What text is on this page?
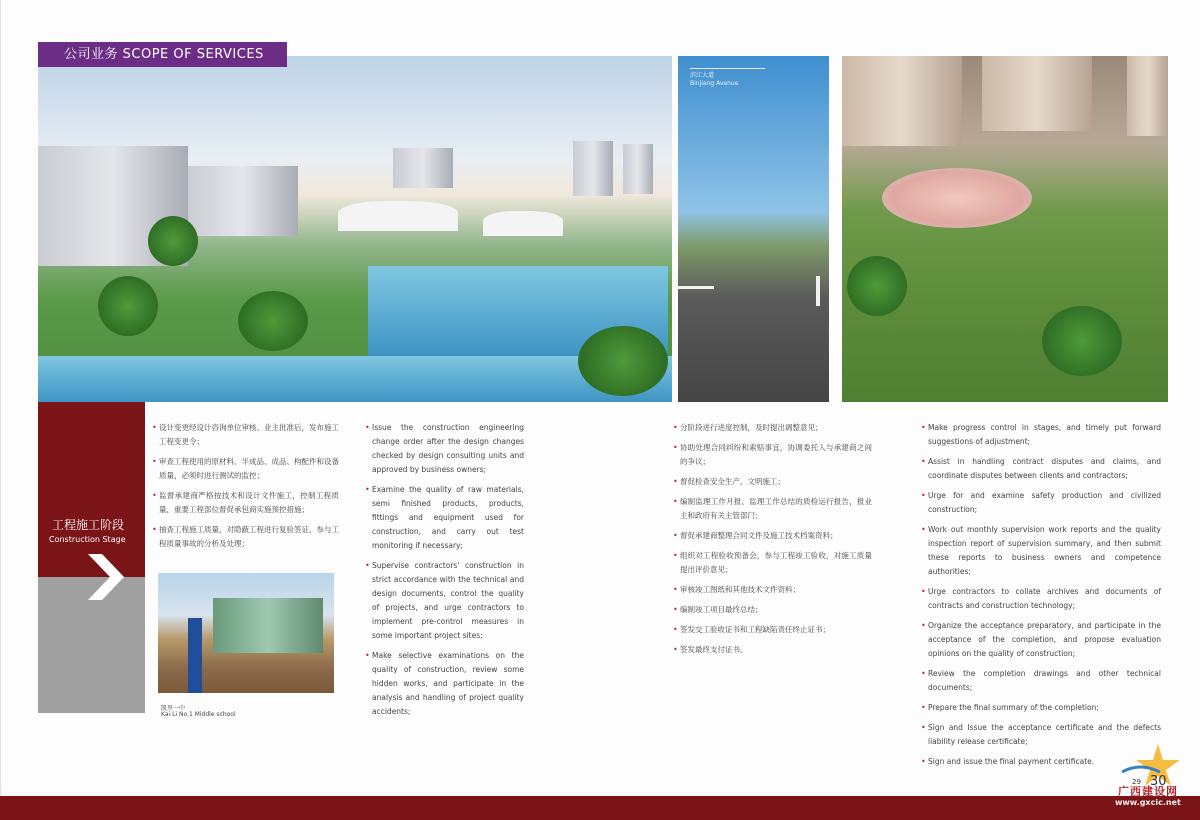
滨江大道
Binjiang Avenue
公司业务 SCOPE OF SERVICES
工程施工阶段
Construction Stage
• 设计变更经设计咨询单位审核、业主批准后，发布施工工程变更令；
• 审查工程使用的原材料、半成品、成品、构配件和设备质量，必须时进行测试的监控；
• 监督承建商严格按技术和设计文件施工，控制工程质量，重要工程部位督促承包商实施预控措施；
• 抽查工程施工质量，对隐蔽工程进行复验签证，参与工程质量事故的分析及处理；
凯里一中
Kai Li No.1 Middle school
• Issue the construction engineering change order after the design changes checked by design consulting units and approved by business owners;
• Examine the quality of raw materials, semi finished products, products, fittings and equipment used for construction, and carry out test monitoring if necessary;
• Supervise contractors' construction in strict accordance with the technical and design documents, control the quality of projects, and urge contractors to implement pre-control measures in some important project sites;
• Make selective examinations on the quality of construction, review some hidden works, and participate in the analysis and handling of project quality accidents;
• 分阶段进行进度控制，及时提出调整意见；
• 协助处理合同纠纷和索赔事宜，协调委托人与承建商之间的争议；
• 督促检查安全生产，文明施工；
• 编制监理工作月报、监理工作总结的质检运行报告，报业主和政府有关主管部门；
• 督促承建商整理合同文件及施工技术档案资料；
• 组织对工程验收预备会，参与工程竣工验收，对施工质量提出评价意见；
• 审核竣工图纸和其他技术文件资料；
• 编制竣工项目最终总结；
• 签发交工验收证书和工程缺陷责任终止证书；
• 签发最终支付证书。
• Make progress control in stages, and timely put forward suggestions of adjustment;
• Assist in handling contract disputes and claims, and coordinate disputes between clients and contractors;
• Urge for and examine safety production and civilized construction;
• Work out monthly supervision work reports and the quality inspection report of supervision summary, and then submit these reports to business owners and competence authorities;
• Urge contractors to collate archives and documents of contracts and construction technology;
• Organize the acceptance preparatory, and participate in the acceptance of the completion, and propose evaluation opinions on the quality of construction;
• Review the completion drawings and other technical documents;
• Prepare the final summary of the completion;
• Sign and Issue the acceptance certificate and the defects liability release certificate;
• Sign and issue the final payment certificate.
29 30
广西建设网
www.gxcic.net
